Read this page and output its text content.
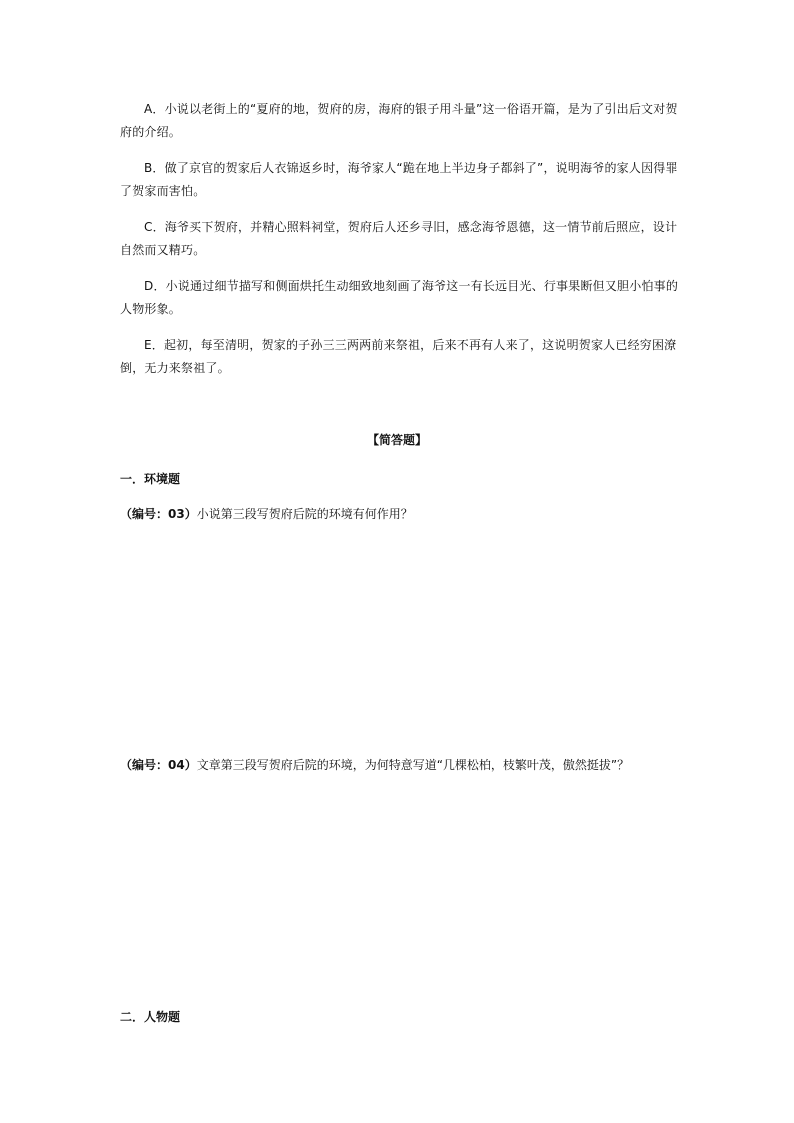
A．小说以老街上的“夏府的地，贺府的房，海府的银子用斗量”这一俗语开篇，是为了引出后文对贺府的介绍。

B．做了京官的贺家后人衣锦返乡时，海爷家人“跪在地上半边身子都斜了”，说明海爷的家人因得罪了贺家而害怕。

C．海爷买下贺府，并精心照料祠堂，贺府后人还乡寻旧，感念海爷恩德，这一情节前后照应，设计自然而又精巧。

D．小说通过细节描写和侧面烘托生动细致地刻画了海爷这一有长远目光、行事果断但又胆小怕事的人物形象。

E．起初，每至清明，贺家的子孙三三两两前来祭祖，后来不再有人来了，这说明贺家人已经穷困潦倒，无力来祭祖了。

【简答题】

一．环境题

（编号：03）小说第三段写贺府后院的环境有何作用？

（编号：04）文章第三段写贺府后院的环境，为何特意写道“几棵松柏，枝繁叶茂，傲然挺拔”？

二．人物题
